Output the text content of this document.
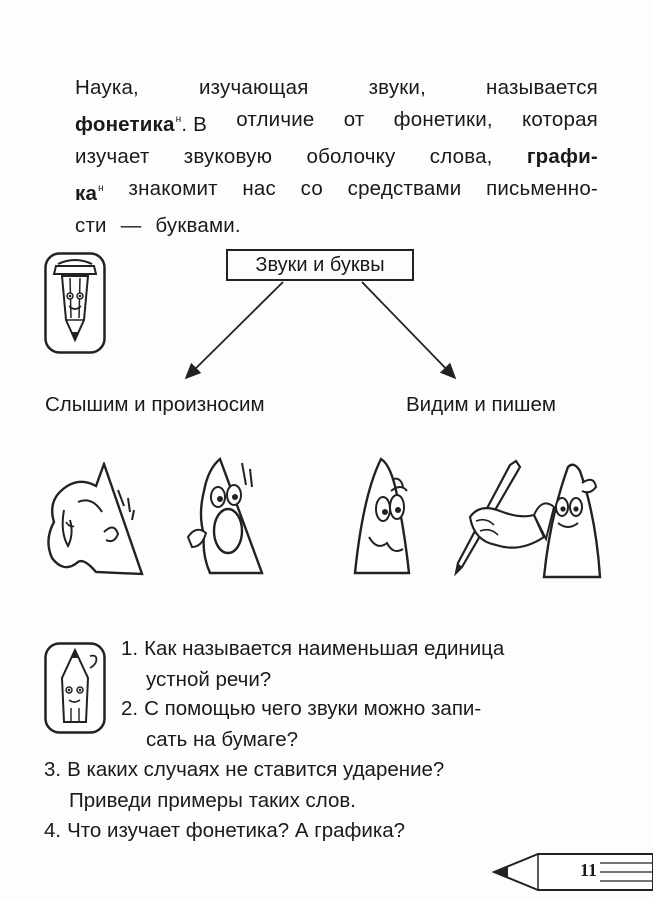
Наука,	изучающая	звуки,	называется
фонетика$^н$. В отличие от фонетики, которая
изучает звуковую оболочку слова, графи-
$ка^н$ знакомит нас со средствами письменно-
сти — буквами.
Звуки и буквы
Слышим и произносим	Видим и пишем
1. Как называется наименьшая единица
устной речи?
2. С помощью чего звуки можно запи-
сать на бумаге?
3. В каких случаях не ставится ударение?
Приведи примеры таких слов.
4. Что изучает фонетика? А графика?
11
